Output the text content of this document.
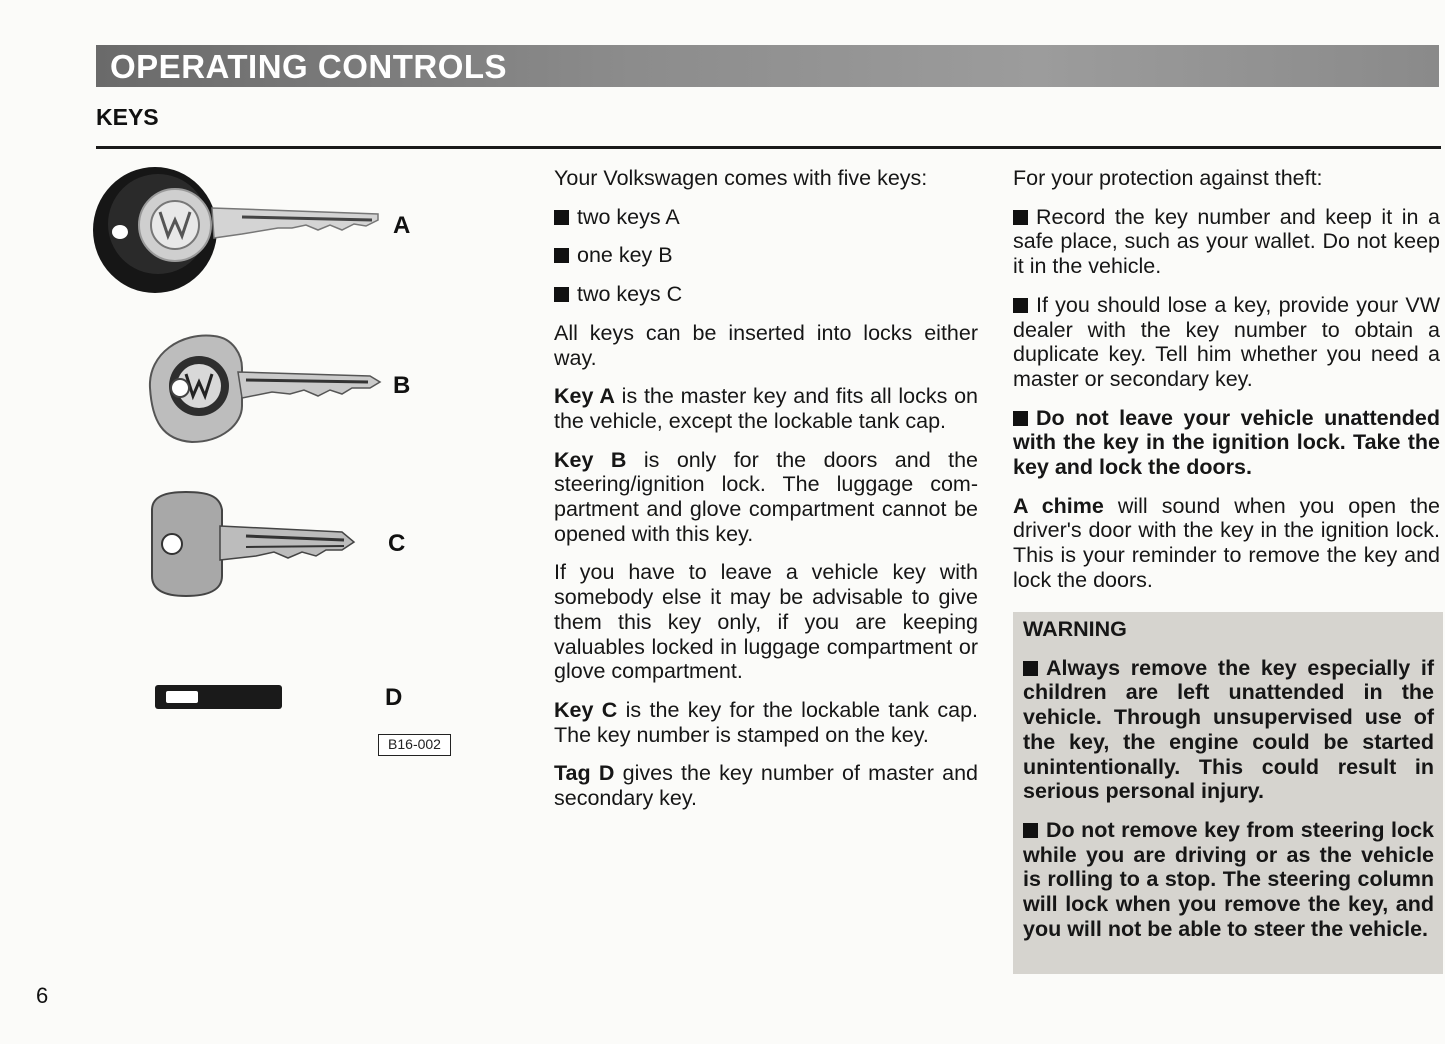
OPERATING CONTROLS
KEYS
A
B
C
D
B16-002

Your Volkswagen comes with five keys:

two keys A

one key B

two keys C

All keys can be inserted into locks either way.

Key A is the master key and fits all locks on the vehicle, except the lockable tank cap.

Key B is only for the doors and the steering/ignition lock. The luggage compartment and glove compartment cannot be opened with this key.

If you have to leave a vehicle key with somebody else it may be advisable to give them this key only, if you are keeping valuables locked in luggage compartment or glove compartment.

Key C is the key for the lockable tank cap. The key number is stamped on the key.

Tag D gives the key number of master and secondary key.

For your protection against theft:

Record the key number and keep it in a safe place, such as your wallet. Do not keep it in the vehicle.

If you should lose a key, provide your VW dealer with the key number to obtain a duplicate key. Tell him whether you need a master or secondary key.

Do not leave your vehicle unattended with the key in the ignition lock. Take the key and lock the doors.

A chime will sound when you open the driver's door with the key in the ignition lock. This is your reminder to remove the key and lock the doors.

WARNING

Always remove the key especially if children are left unattended in the vehicle. Through unsupervised use of the key, the engine could be started unintentionally. This could result in serious personal injury.

Do not remove key from steering lock while you are driving or as the vehicle is rolling to a stop. The steering column will lock when you remove the key, and you will not be able to steer the vehicle.

6
